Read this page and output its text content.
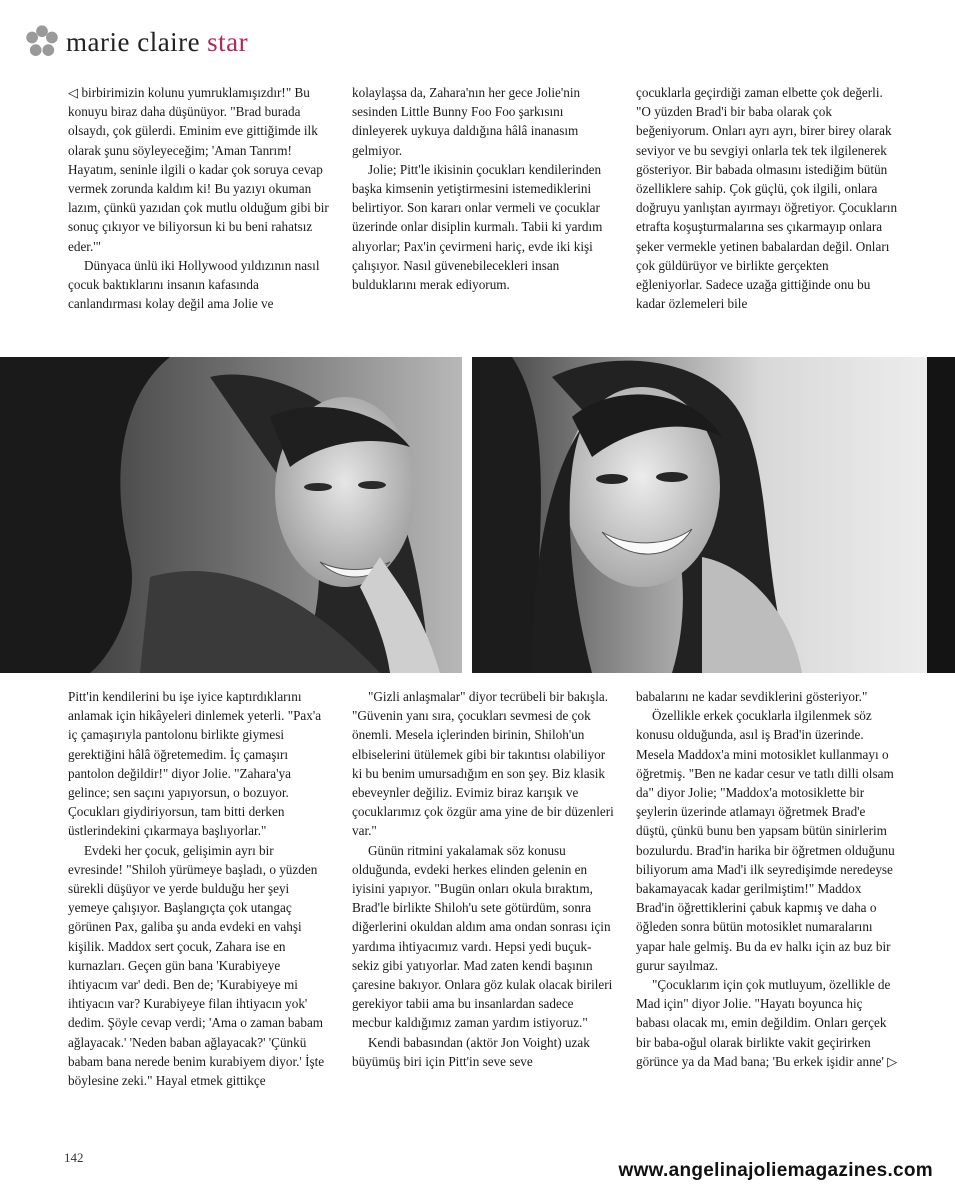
marie claire star

◁ birbirimizin kolunu yumruklamışızdır!" Bu konuyu biraz daha düşünüyor. "Brad burada olsaydı, çok gülerdi. Eminim eve gittiğimde ilk olarak şunu söyleyeceğim; 'Aman Tanrım! Hayatım, seninle ilgili o kadar çok soruya cevap vermek zorunda kaldım ki! Bu yazıyı okuman lazım, çünkü yazıdan çok mutlu olduğum gibi bir sonuç çıkıyor ve biliyorsun ki bu beni rahatsız eder.'"

Dünyaca ünlü iki Hollywood yıldızının nasıl çocuk baktıklarını insanın kafasında canlandırması kolay değil ama Jolie ve

kolaylaşsa da, Zahara'nın her gece Jolie'nin sesinden Little Bunny Foo Foo şarkısını dinleyerek uykuya daldığına hâlâ inanasım gelmiyor.

Jolie; Pitt'le ikisinin çocukları kendilerinden başka kimsenin yetiştirmesini istemediklerini belirtiyor. Son kararı onlar vermeli ve çocuklar üzerinde onlar disiplin kurmalı. Tabii ki yardım alıyorlar; Pax'in çevirmeni hariç, evde iki kişi çalışıyor. Nasıl güvenebilecekleri insan bulduklarını merak ediyorum.

çocuklarla geçirdiği zaman elbette çok değerli. "O yüzden Brad'i bir baba olarak çok beğeniyorum. Onları ayrı ayrı, birer birey olarak seviyor ve bu sevgiyi onlarla tek tek ilgilenerek gösteriyor. Bir babada olmasını istediğim bütün özelliklere sahip. Çok güçlü, çok ilgili, onlara doğruyu yanlıştan ayırmayı öğretiyor. Çocukların etrafta koşuşturmalarına ses çıkarmayıp onlara şeker vermekle yetinen babalardan değil. Onları çok güldürüyor ve birlikte gerçekten eğleniyorlar. Sadece uzağa gittiğinde onu bu kadar özlemeleri bile

Pitt'in kendilerini bu işe iyice kaptırdıklarını anlamak için hikâyeleri dinlemek yeterli. "Pax'a iç çamaşırıyla pantolonu birlikte giymesi gerektiğini hâlâ öğretemedim. İç çamaşırı pantolon değildir!" diyor Jolie. "Zahara'ya gelince; sen saçını yapıyorsun, o bozuyor. Çocukları giydiriyorsun, tam bitti derken üstlerindekini çıkarmaya başlıyorlar."

Evdeki her çocuk, gelişimin ayrı bir evresinde! "Shiloh yürümeye başladı, o yüzden sürekli düşüyor ve yerde bulduğu her şeyi yemeye çalışıyor. Başlangıçta çok utangaç görünen Pax, galiba şu anda evdeki en vahşi kişilik. Maddox sert çocuk, Zahara ise en kurnazları. Geçen gün bana 'Kurabiyeye ihtiyacım var' dedi. Ben de; 'Kurabiyeye mi ihtiyacın var? Kurabiyeye filan ihtiyacın yok' dedim. Şöyle cevap verdi; 'Ama o zaman babam ağlayacak.' 'Neden baban ağlayacak?' 'Çünkü babam bana nerede benim kurabiyem diyor.' İşte böylesine zeki." Hayal etmek gittikçe

"Gizli anlaşmalar" diyor tecrübeli bir bakışla. "Güvenin yanı sıra, çocukları sevmesi de çok önemli. Mesela içlerinden birinin, Shiloh'un elbiselerini ütülemek gibi bir takıntısı olabiliyor ki bu benim umursadığım en son şey. Biz klasik ebeveynler değiliz. Evimiz biraz karışık ve çocuklarımız çok özgür ama yine de bir düzenleri var."

Günün ritmini yakalamak söz konusu olduğunda, evdeki herkes elinden gelenin en iyisini yapıyor. "Bugün onları okula bıraktım, Brad'le birlikte Shiloh'u sete götürdüm, sonra diğerlerini okuldan aldım ama ondan sonrası için yardıma ihtiyacımız vardı. Hepsi yedi buçuk-sekiz gibi yatıyorlar. Mad zaten kendi başının çaresine bakıyor. Onlara göz kulak olacak birileri gerekiyor tabii ama bu insanlardan sadece mecbur kaldığımız zaman yardım istiyoruz."

Kendi babasından (aktör Jon Voight) uzak büyümüş biri için Pitt'in seve seve

babalarını ne kadar sevdiklerini gösteriyor."

Özellikle erkek çocuklarla ilgilenmek söz konusu olduğunda, asıl iş Brad'in üzerinde. Mesela Maddox'a mini motosiklet kullanmayı o öğretmiş. "Ben ne kadar cesur ve tatlı dilli olsam da" diyor Jolie; "Maddox'a motosiklette bir şeylerin üzerinde atlamayı öğretmek Brad'e düştü, çünkü bunu ben yapsam bütün sinirlerim bozulurdu. Brad'in harika bir öğretmen olduğunu biliyorum ama Mad'i ilk seyredişimde neredeyse bakamayacak kadar gerilmiştim!" Maddox Brad'in öğrettiklerini çabuk kapmış ve daha o öğleden sonra bütün motosiklet numaralarını yapar hale gelmiş. Bu da ev halkı için az buz bir gurur sayılmaz.

"Çocuklarım için çok mutluyum, özellikle de Mad için" diyor Jolie. "Hayatı boyunca hiç babası olacak mı, emin değildim. Onları gerçek bir baba-oğul olarak birlikte vakit geçirirken görünce ya da Mad bana; 'Bu erkek işidir anne' ▷

142
www.angelinajoliemagazines.com
